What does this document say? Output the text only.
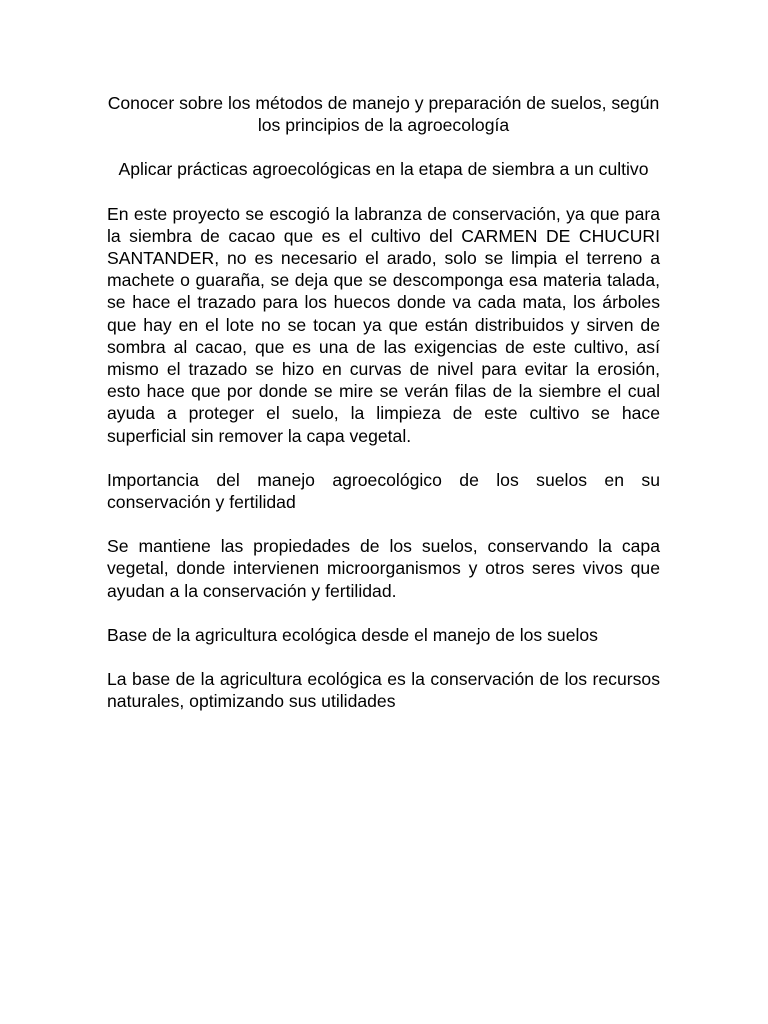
Conocer sobre los métodos de manejo y preparación de suelos, según los principios de la agroecología

Aplicar prácticas agroecológicas en la etapa de siembra a un cultivo

En este proyecto se escogió la labranza de conservación, ya que para la siembra de cacao que es el cultivo del CARMEN DE CHUCURI SANTANDER, no es necesario el arado, solo se limpia el terreno a machete o guaraña, se deja que se descomponga esa materia talada, se hace el trazado para los huecos donde va cada mata, los árboles que hay en el lote no se tocan ya que están distribuidos y sirven de sombra al cacao, que es una de las exigencias de este cultivo, así mismo el trazado se hizo en curvas de nivel para evitar la erosión, esto hace que por donde se mire se verán filas de la siembre el cual ayuda a proteger el suelo, la limpieza de este cultivo se hace superficial sin remover la capa vegetal.

Importancia del manejo agroecológico de los suelos en su conservación y fertilidad

Se mantiene las propiedades de los suelos, conservando la capa vegetal, donde intervienen microorganismos y otros seres vivos que ayudan a la conservación y fertilidad.

Base de la agricultura ecológica desde el manejo de los suelos

La base de la agricultura ecológica es la conservación de los recursos naturales, optimizando sus utilidades
